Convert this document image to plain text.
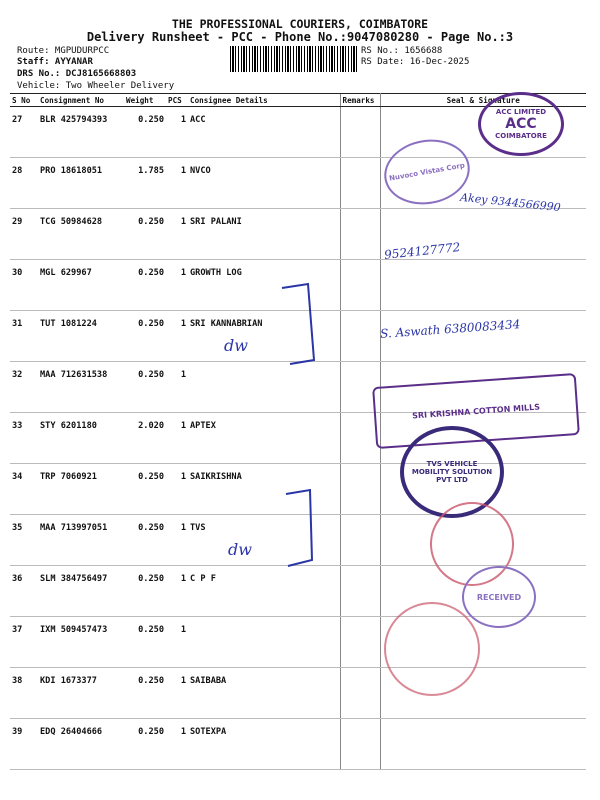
THE PROFESSIONAL COURIERS, COIMBATORE
Delivery Runsheet - PCC - Phone No.:9047080280 - Page No.:3
Route: MGPUDURPCC
Staff: AYYANAR
DRS No.: DCJ8165668803
Vehicle: Two Wheeler Delivery
RS No.: 1656688
RS Date: 16-Dec-2025
S No	Consignment No	Weight	PCS	Consignee Details	Remarks	Seal & Signature
27	BLR 425794393	0.250	1	ACC		
28	PRO 18618051	1.785	1	NVCO		
29	TCG 50984628	0.250	1	SRI PALANI		
30	MGL 629967	0.250	1	GROWTH LOG		
31	TUT 1081224	0.250	1	SRI KANNABRIAN		
32	MAA 712631538	0.250	1			
33	STY 6201180	2.020	1	APTEX		
34	TRP 7060921	0.250	1	SAIKRISHNA		
35	MAA 713997051	0.250	1	TVS		
36	SLM 384756497	0.250	1	C P F		
37	IXM 509457473	0.250	1			
38	KDI 1673377	0.250	1	SAIBABA		
39	EDQ 26404666	0.250	1	SOTEXPA		
ACC LIMITED
ACC
COIMBATORE
Nuvoco Vistas Corp
Akey 9344566990
9524127772
dw
S. Aswath 6380083434
SRI KRISHNA COTTON MILLS
TVS VEHICLE MOBILITY SOLUTION PVT LTD
dw
RECEIVED
